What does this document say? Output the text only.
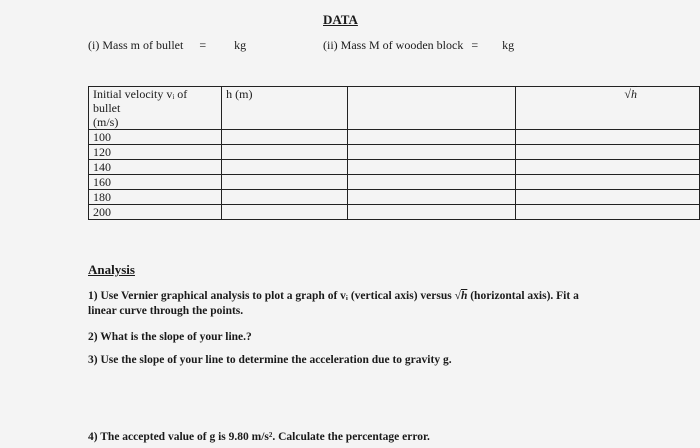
DATA
(i) Mass m of bullet = kg	(ii) Mass M of wooden block = kg
Initial velocity vᵢ of bullet
(m/s)	h (m)		√h
100			
120			
140			
160			
180			
200			
Analysis
1) Use Vernier graphical analysis to plot a graph of vᵢ (vertical axis) versus √h (horizontal axis). Fit a linear curve through the points.
2) What is the slope of your line.?
3) Use the slope of your line to determine the acceleration due to gravity g.
4) The accepted value of g is 9.80 m/s². Calculate the percentage error.
